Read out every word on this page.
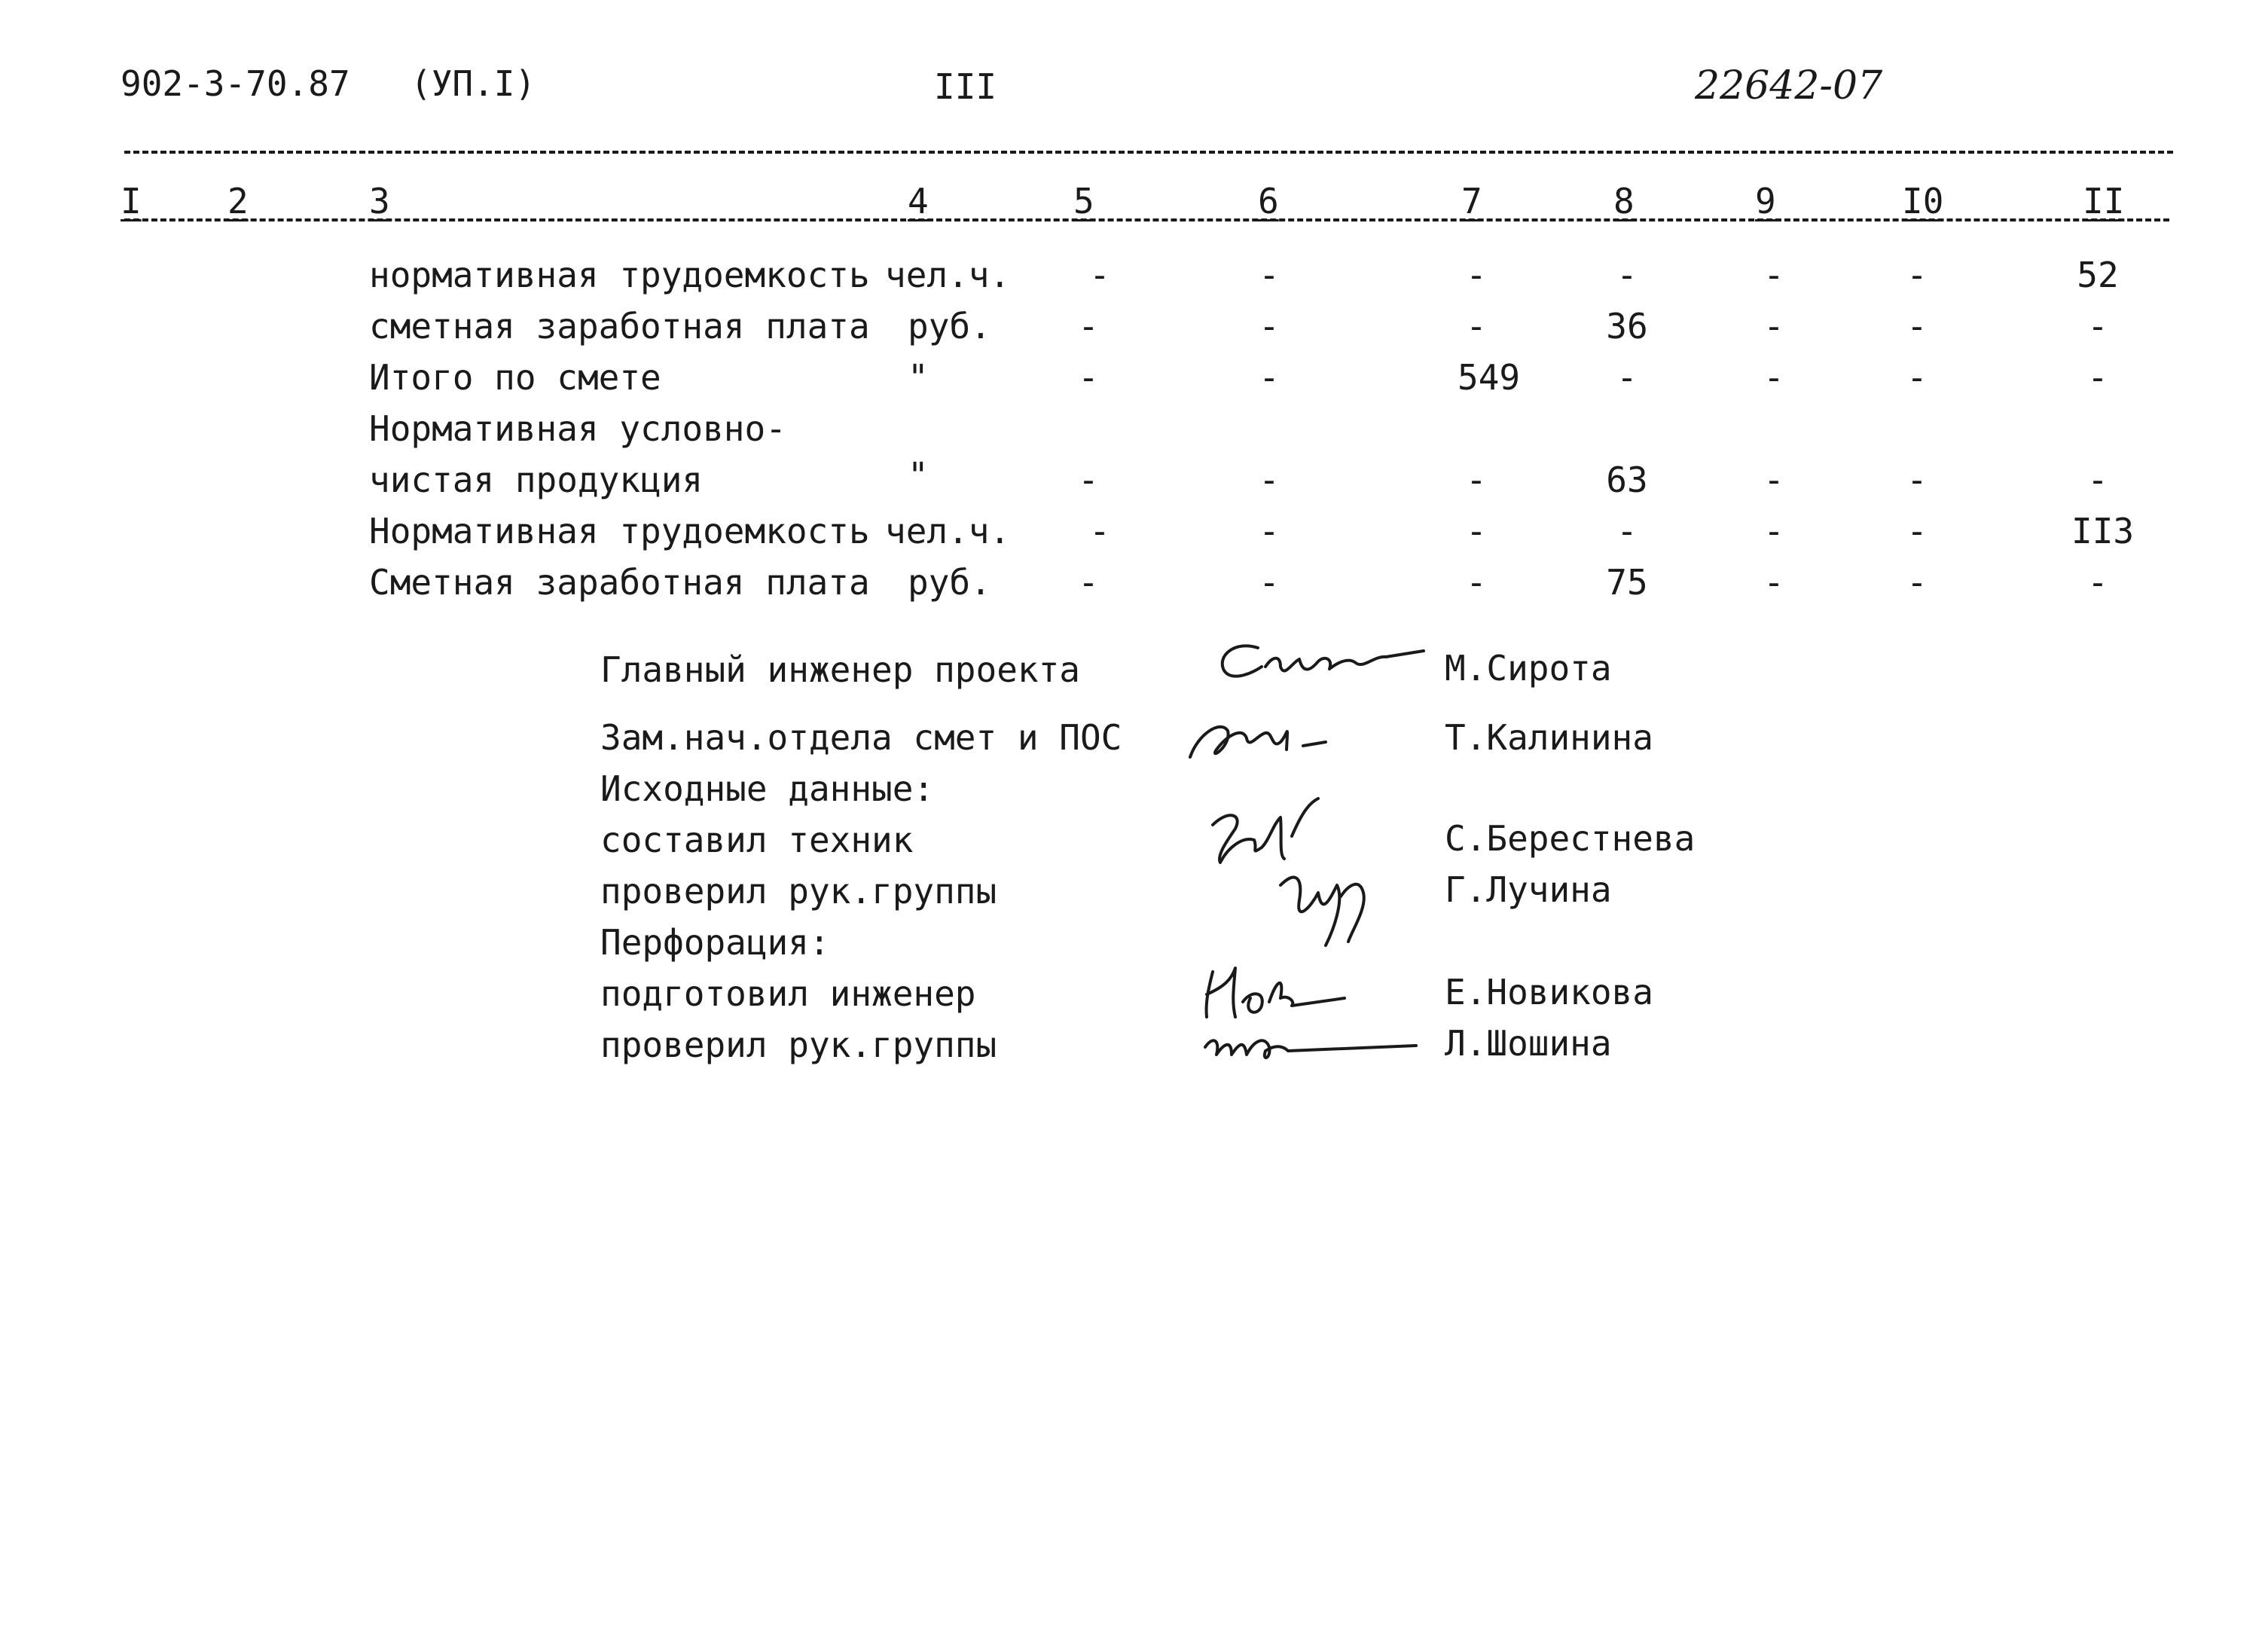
902-3-70.87 (УП.I)	III	22642-07
I 2	3	4	5	6	7	8	9	I0	II
нормативная трудоемкость чел.ч.	-	-	-	-	-	-	52
сметная заработная плата руб.	-	-	-	36	-	-	-
Итого по смете	"	-	-	549	-	-	-	-
Нормативная условно-
чистая продукция	"	-	-	-	63	-	-	-
Нормативная трудоемкость чел.ч.	-	-	-	-	-	-	II3
Сметная заработная плата руб.	-	-	-	75	-	-	-
Главный инженер проекта	М.Сирота
Зам.нач.отдела смет и ПОС	Т.Калинина
Исходные данные:
составил техник	С.Берестнева
проверил рук.группы	Г.Лучина
Перфорация:
подготовил инженер	Е.Новикова
проверил рук.группы	Л.Шошина
